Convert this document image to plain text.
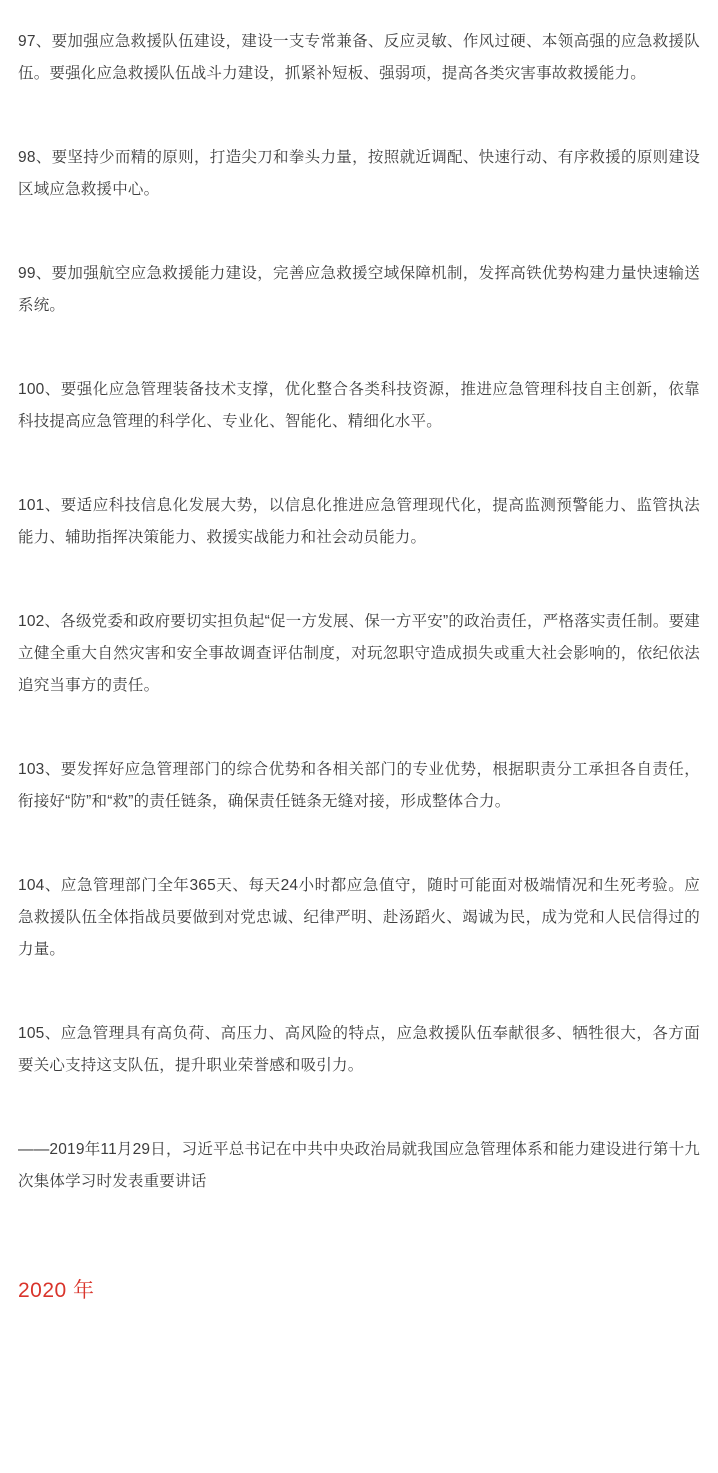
97、要加强应急救援队伍建设，建设一支专常兼备、反应灵敏、作风过硬、本领高强的应急救援队伍。要强化应急救援队伍战斗力建设，抓紧补短板、强弱项，提高各类灾害事故救援能力。

98、要坚持少而精的原则，打造尖刀和拳头力量，按照就近调配、快速行动、有序救援的原则建设区域应急救援中心。

99、要加强航空应急救援能力建设，完善应急救援空域保障机制，发挥高铁优势构建力量快速输送系统。

100、要强化应急管理装备技术支撑，优化整合各类科技资源，推进应急管理科技自主创新，依靠科技提高应急管理的科学化、专业化、智能化、精细化水平。

101、要适应科技信息化发展大势，以信息化推进应急管理现代化，提高监测预警能力、监管执法能力、辅助指挥决策能力、救援实战能力和社会动员能力。

102、各级党委和政府要切实担负起“促一方发展、保一方平安”的政治责任，严格落实责任制。要建立健全重大自然灾害和安全事故调查评估制度，对玩忽职守造成损失或重大社会影响的，依纪依法追究当事方的责任。

103、要发挥好应急管理部门的综合优势和各相关部门的专业优势，根据职责分工承担各自责任，衔接好“防”和“救”的责任链条，确保责任链条无缝对接，形成整体合力。

104、应急管理部门全年365天、每天24小时都应急值守，随时可能面对极端情况和生死考验。应急救援队伍全体指战员要做到对党忠诚、纪律严明、赴汤蹈火、竭诚为民，成为党和人民信得过的力量。

105、应急管理具有高负荷、高压力、高风险的特点，应急救援队伍奉献很多、牺牲很大，各方面要关心支持这支队伍，提升职业荣誉感和吸引力。

——2019年11月29日，习近平总书记在中共中央政治局就我国应急管理体系和能力建设进行第十九次集体学习时发表重要讲话

2020 年
